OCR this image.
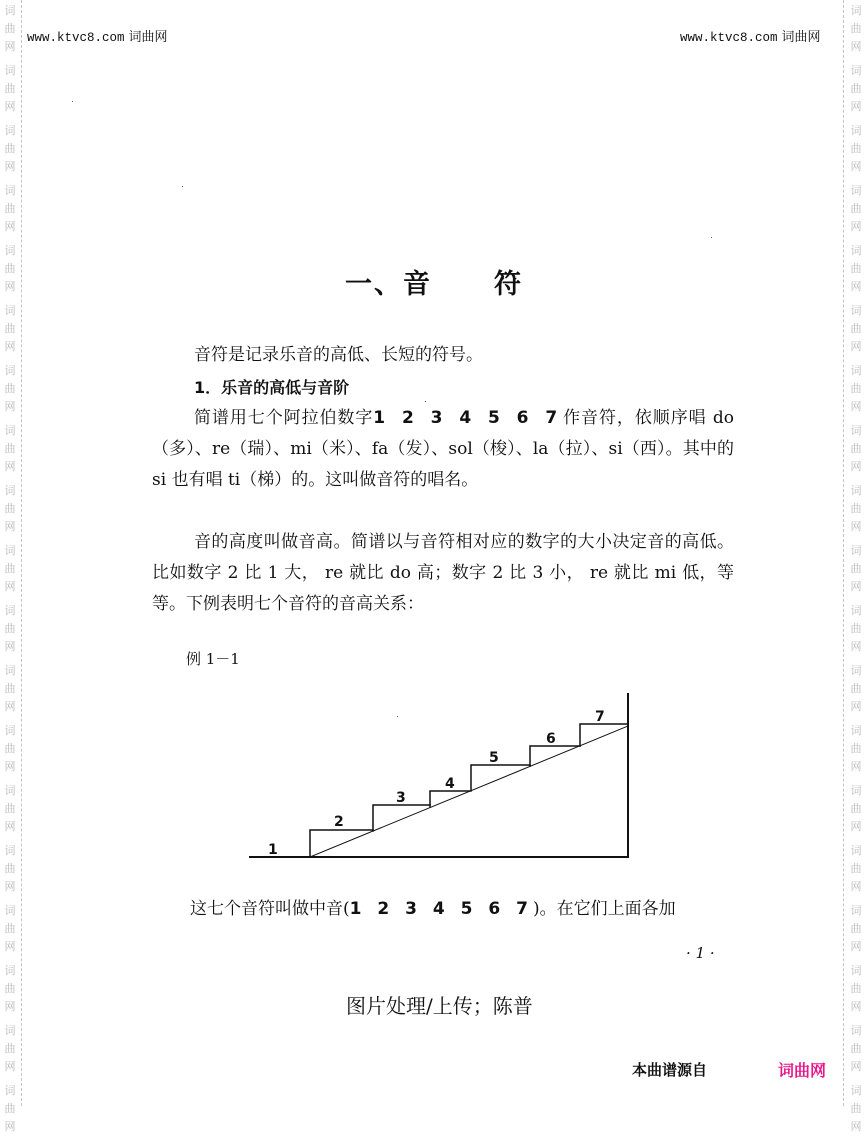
词
曲
网
词
曲
网
词
曲
网
词
曲
网
词
曲
网
词
曲
网
词
曲
网
词
曲
网
词
曲
网
词
曲
网
词
曲
网
词
曲
网
词
曲
网
词
曲
网
词
曲
网
词
曲
网
词
曲
网
词
曲
网
词
曲
网
词
曲
网
词
曲
网
词
曲
网
词
曲
网
词
曲
网
词
曲
网
词
曲
网
词
曲
网
词
曲
网
词
曲
网
词
曲
网
词
曲
网
词
曲
网
词
曲
网
词
曲
网
词
曲
网
词
曲
网
词
曲
网
词
曲
网
www.ktvc8.com 词曲网	www.ktvc8.com 词曲网
一、音 符
音符是记录乐音的高低、长短的符号。
1．乐音的高低与音阶
简谱用七个阿拉伯数字1 2 3 4 5 6 7作音符，依顺序唱 do（多）、re（瑞）、mi（米）、fa（发）、sol（梭）、la（拉）、si（西）。其中的 si 也有唱 ti（梯）的。这叫做音符的唱名。
音的高度叫做音高。简谱以与音符相对应的数字的大小决定音的高低。比如数字 2 比 1 大， re 就比 do 高；数字 2 比 3 小， re 就比 mi 低，等等。下例表明七个音符的音高关系：
例 1－1
1
2
3
4
5
6
7
这七个音符叫做中音(1 2 3 4 5 6 7)。在它们上面各加
· 1 ·
图片处理/上传；陈普
本曲谱源自	词曲网
